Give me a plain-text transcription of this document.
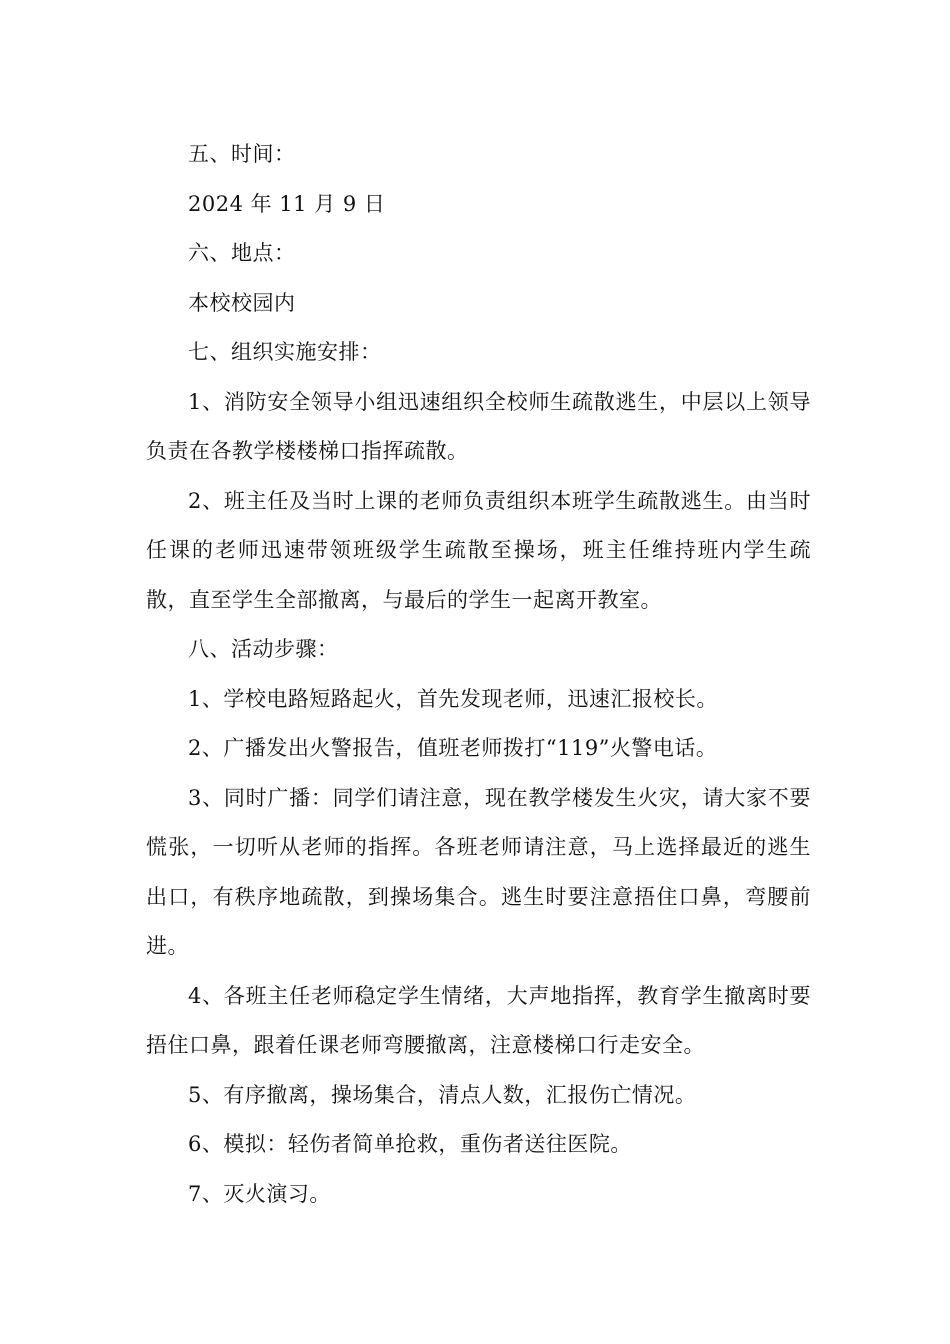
五、时间：

2024 年 11 月 9 日

六、地点：

本校校园内

七、组织实施安排：

1、消防安全领导小组迅速组织全校师生疏散逃生，中层以上领导负责在各教学楼楼梯口指挥疏散。

2、班主任及当时上课的老师负责组织本班学生疏散逃生。由当时任课的老师迅速带领班级学生疏散至操场，班主任维持班内学生疏散，直至学生全部撤离，与最后的学生一起离开教室。

八、活动步骤：

1、学校电路短路起火，首先发现老师，迅速汇报校长。

2、广播发出火警报告，值班老师拨打“119”火警电话。

3、同时广播：同学们请注意，现在教学楼发生火灾，请大家不要慌张，一切听从老师的指挥。各班老师请注意，马上选择最近的逃生出口，有秩序地疏散，到操场集合。逃生时要注意捂住口鼻，弯腰前进。

4、各班主任老师稳定学生情绪，大声地指挥，教育学生撤离时要捂住口鼻，跟着任课老师弯腰撤离，注意楼梯口行走安全。

5、有序撤离，操场集合，清点人数，汇报伤亡情况。

6、模拟：轻伤者简单抢救，重伤者送往医院。

7、灭火演习。
